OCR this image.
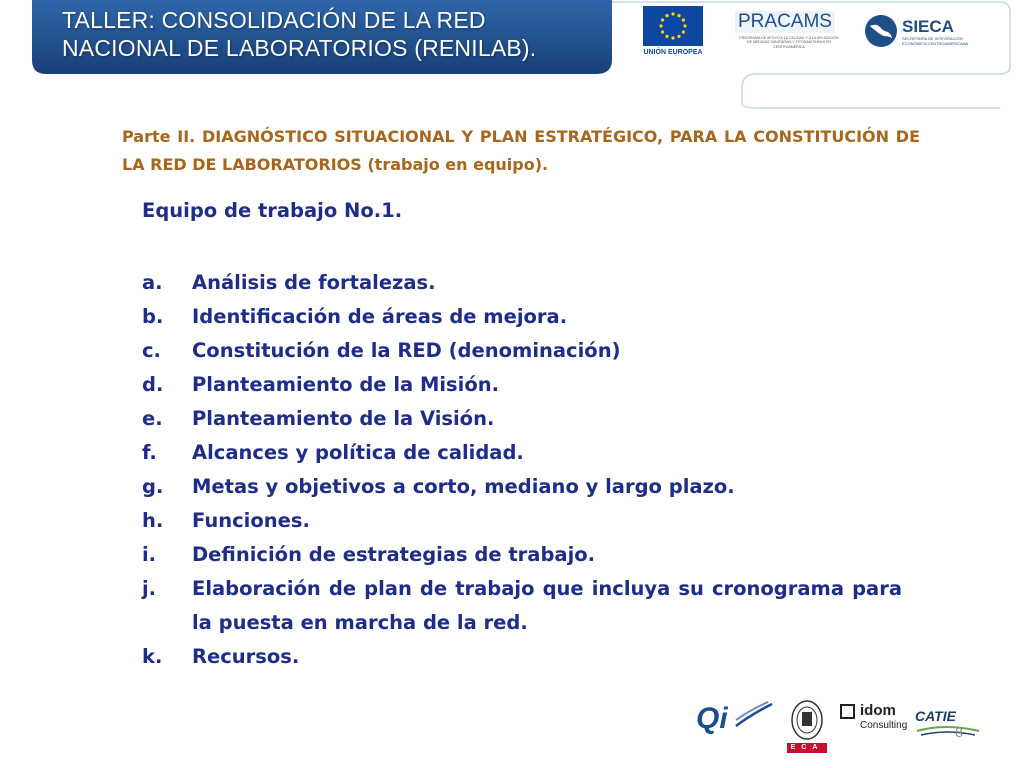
TALLER: CONSOLIDACIÓN DE LA RED
NACIONAL DE LABORATORIOS (RENILAB).	UNIÓN EUROPEA
PRACAMS
PROGRAMA DE APOYO A LA CALIDAD Y A LA APLICACIÓN DE MEDIDAS SANITARIAS Y FITOSANITARIAS EN CENTROAMÉRICA
SIECA
SECRETARÍA DE INTEGRACIÓN ECONÓMICA CENTROAMERICANA
Parte II. DIAGNÓSTICO SITUACIONAL Y PLAN ESTRATÉGICO, PARA LA CONSTITUCIÓN DE LA RED DE LABORATORIOS (trabajo en equipo).
Equipo de trabajo No.1.
a.	Análisis de fortalezas.
b.	Identificación de áreas de mejora.
c.	Constitución de la RED (denominación)
d.	Planteamiento de la Misión.
e.	Planteamiento de la Visión.
f.	Alcances y política de calidad.
g.	Metas y objetivos a corto, mediano y largo plazo.
h.	Funciones.
i.	Definición de estrategias de trabajo.
j.	Elaboración de plan de trabajo que incluya su cronograma para la puesta en marcha de la red.
k.	Recursos.
Qi
ECA
idom
Consulting
CATIE
8
